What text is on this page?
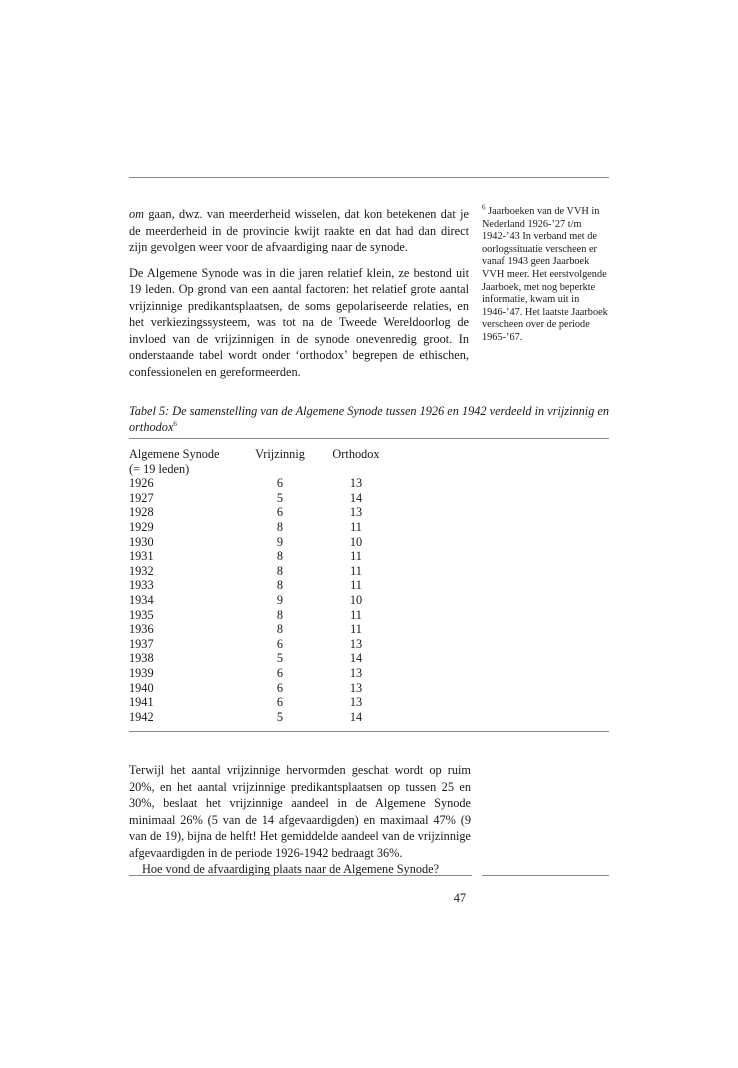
om gaan, dwz. van meerderheid wisselen, dat kon betekenen dat je de meerderheid in de provincie kwijt raakte en dat had dan direct zijn gevolgen weer voor de afvaardiging naar de synode.

De Algemene Synode was in die jaren relatief klein, ze bestond uit 19 leden. Op grond van een aantal factoren: het relatief grote aantal vrijzinnige predikantsplaatsen, de soms gepolariseerde relaties, en het verkiezingssysteem, was tot na de Tweede Wereldoorlog de invloed van de vrijzinnigen in de synode onevenredig groot. In onderstaande tabel wordt onder ‘orthodox’ begrepen de ethischen, confessionelen en gereformeerden.

$^6$ Jaarboeken van de VVH in Nederland 1926-’27 t/m 1942-’43 In verband met de oorlogssituatie verscheen er vanaf 1943 geen Jaarboek VVH meer. Het eerstvolgende Jaarboek, met nog beperkte informatie, kwam uit in 1946-’47. Het laatste Jaarboek verscheen over de periode 1965-’67.
Tabel 5: De samenstelling van de Algemene Synode tussen 1926 en 1942 verdeeld in vrijzinnig en orthodox$^6$
Algemene Synode	Vrijzinnig	Orthodox
(= 19 leden)		
1926	6	13
1927	5	14
1928	6	13
1929	8	11
1930	9	10
1931	8	11
1932	8	11
1933	8	11
1934	9	10
1935	8	11
1936	8	11
1937	6	13
1938	5	14
1939	6	13
1940	6	13
1941	6	13
1942	5	14

Terwijl het aantal vrijzinnige hervormden geschat wordt op ruim 20%, en het aantal vrijzinnige predikantsplaatsen op tussen 25 en 30%, beslaat het vrijzinnige aandeel in de Algemene Synode minimaal 26% (5 van de 14 afgevaardigden) en maximaal 47% (9 van de 19), bijna de helft! Het gemiddelde aandeel van de vrijzinnige afgevaardigden in de periode 1926-1942 bedraagt 36%.

Hoe vond de afvaardiging plaats naar de Algemene Synode?

47
